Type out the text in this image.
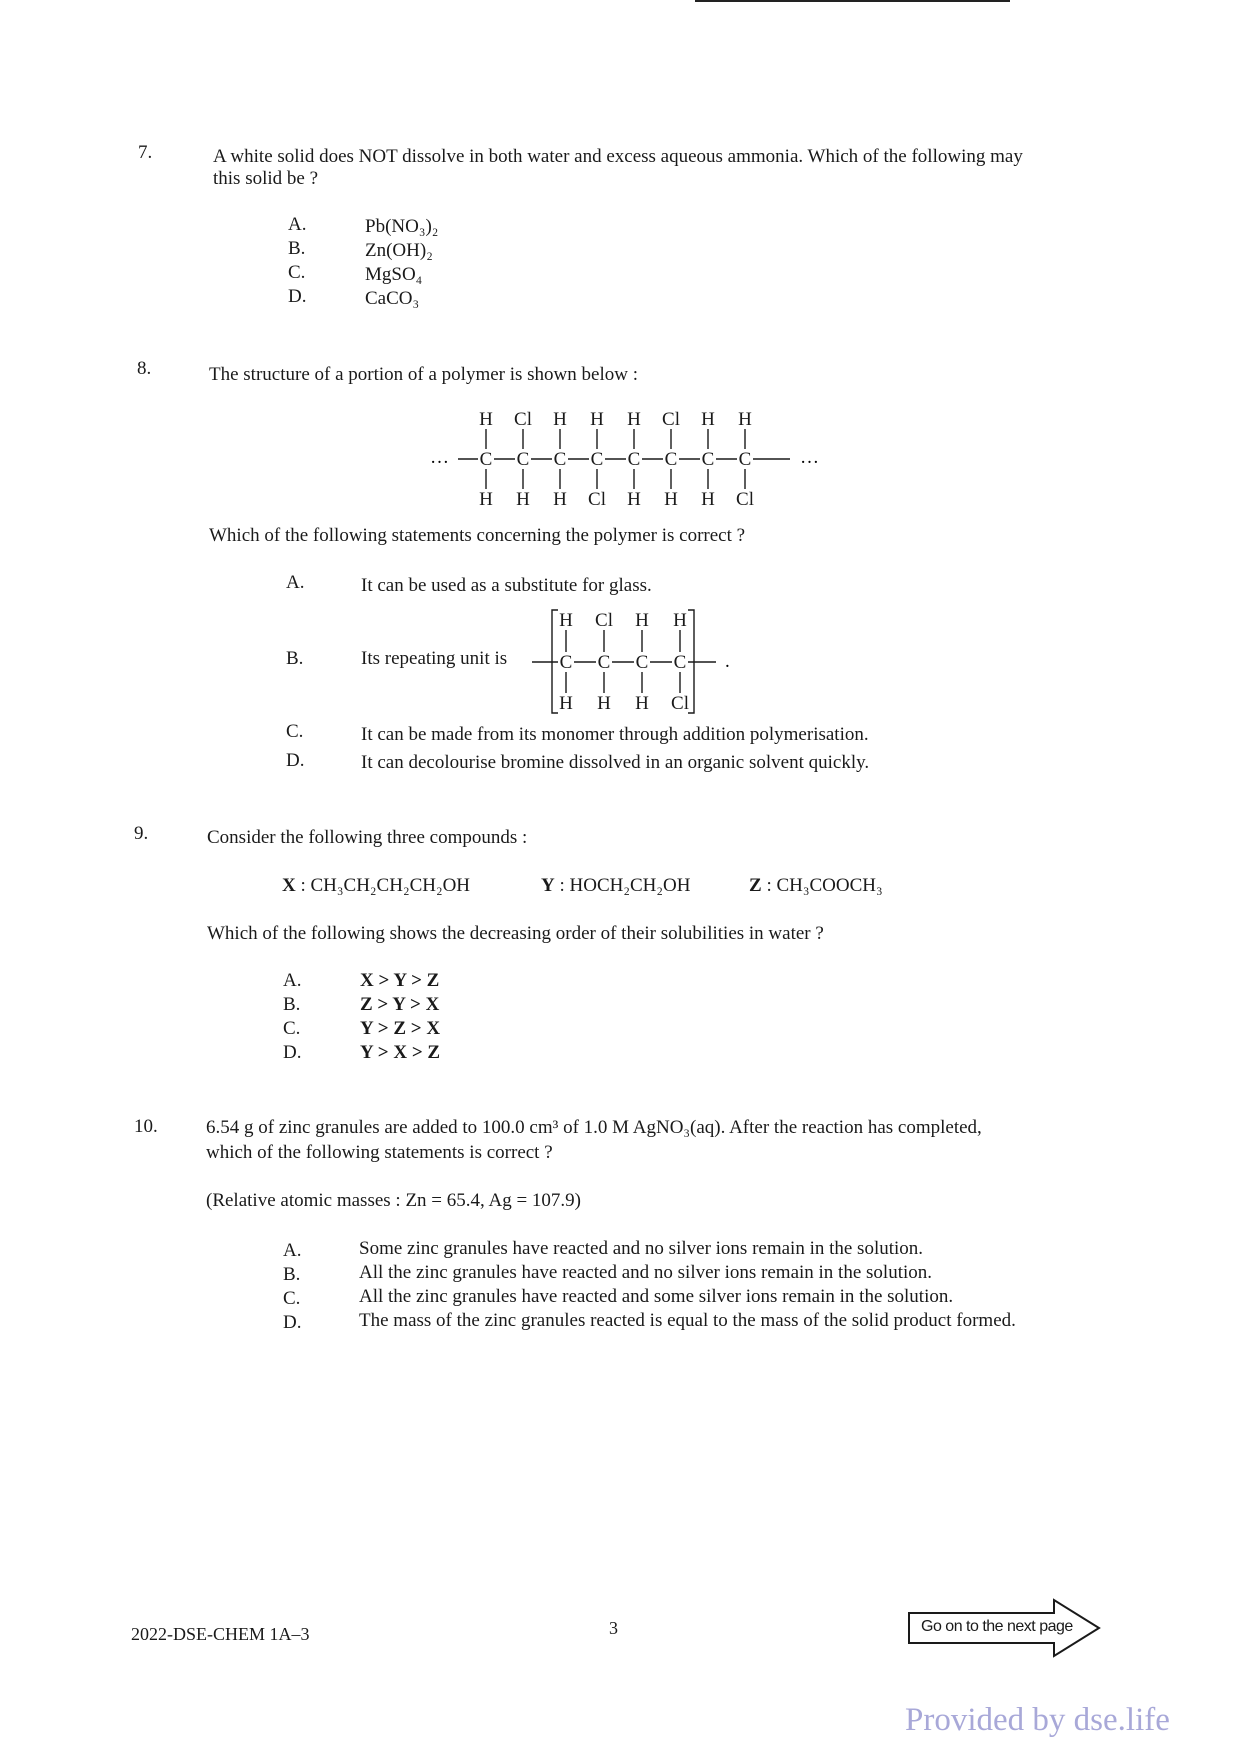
7.	A white solid does NOT dissolve in both water and excess aqueous ammonia. Which of the following may
this solid be ?
A.	Pb(NO₃)₂
B.	Zn(OH)₂
C.	MgSO₄
D.	CaCO₃
8.	The structure of a portion of a polymer is shown below :
H Cl H H H Cl H H
H H H Cl H H H Cl
C C C C C C C C
…	…
Which of the following statements concerning the polymer is correct ?
A.	It can be used as a substitute for glass.
B.	Its repeating unit is
H Cl H H
H H H Cl
C C C C .
C.	It can be made from its monomer through addition polymerisation.
D.	It can decolourise bromine dissolved in an organic solvent quickly.
9.	Consider the following three compounds :
X : CH₃CH₂CH₂CH₂OH	Y : HOCH₂CH₂OH	Z : CH₃COOCH₃
Which of the following shows the decreasing order of their solubilities in water ?
A.	X > Y > Z
B.	Z > Y > X
C.	Y > Z > X
D.	Y > X > Z
10.	6.54 g of zinc granules are added to 100.0 cm³ of 1.0 M AgNO₃(aq). After the reaction has completed,
which of the following statements is correct ?
(Relative atomic masses : Zn = 65.4, Ag = 107.9)
A.	Some zinc granules have reacted and no silver ions remain in the solution.
B.	All the zinc granules have reacted and no silver ions remain in the solution.
C.	All the zinc granules have reacted and some silver ions remain in the solution.
D.	The mass of the zinc granules reacted is equal to the mass of the solid product formed.
2022-DSE-CHEM 1A–3	3	Go on to the next page
Provided by dse.life
